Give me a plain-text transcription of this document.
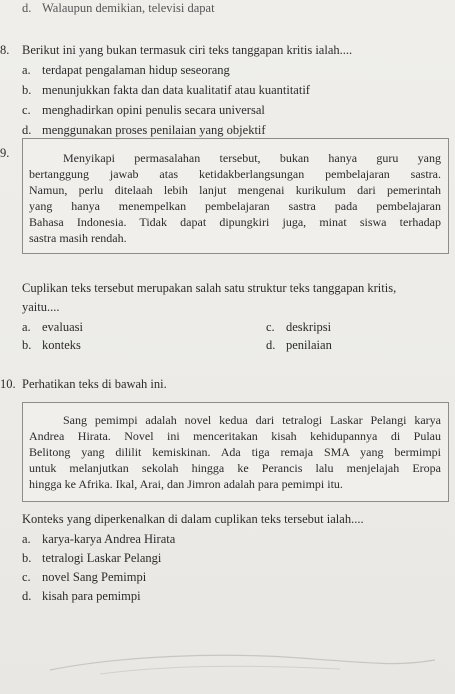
d. Walaupun demikian, televisi dapat
8. Berikut ini yang bukan termasuk ciri teks tanggapan kritis ialah....
a. terdapat pengalaman hidup seseorang
b. menunjukkan fakta dan data kualitatif atau kuantitatif
c. menghadirkan opini penulis secara universal
d. menggunakan proses penilaian yang objektif
9.	Menyikapi permasalahan tersebut, bukan hanya guru yang
bertanggung jawab atas ketidakberlangsungan pembelajaran sastra.
Namun, perlu ditelaah lebih lanjut mengenai kurikulum dari pemerintah
yang hanya menempelkan pembelajaran sastra pada pembelajaran
Bahasa Indonesia. Tidak dapat dipungkiri juga, minat siswa terhadap
sastra masih rendah.
Cuplikan teks tersebut merupakan salah satu struktur teks tanggapan kritis,
yaitu....
a. evaluasi	c. deskripsi
b. konteks	d. penilaian
10. Perhatikan teks di bawah ini.
Sang pemimpi adalah novel kedua dari tetralogi Laskar Pelangi karya
Andrea Hirata. Novel ini menceritakan kisah kehidupannya di Pulau
Belitong yang dililit kemiskinan. Ada tiga remaja SMA yang bermimpi
untuk melanjutkan sekolah hingga ke Perancis lalu menjelajah Eropa
hingga ke Afrika. Ikal, Arai, dan Jimron adalah para pemimpi itu.
Konteks yang diperkenalkan di dalam cuplikan teks tersebut ialah....
a. karya-karya Andrea Hirata
b. tetralogi Laskar Pelangi
c. novel Sang Pemimpi
d. kisah para pemimpi
